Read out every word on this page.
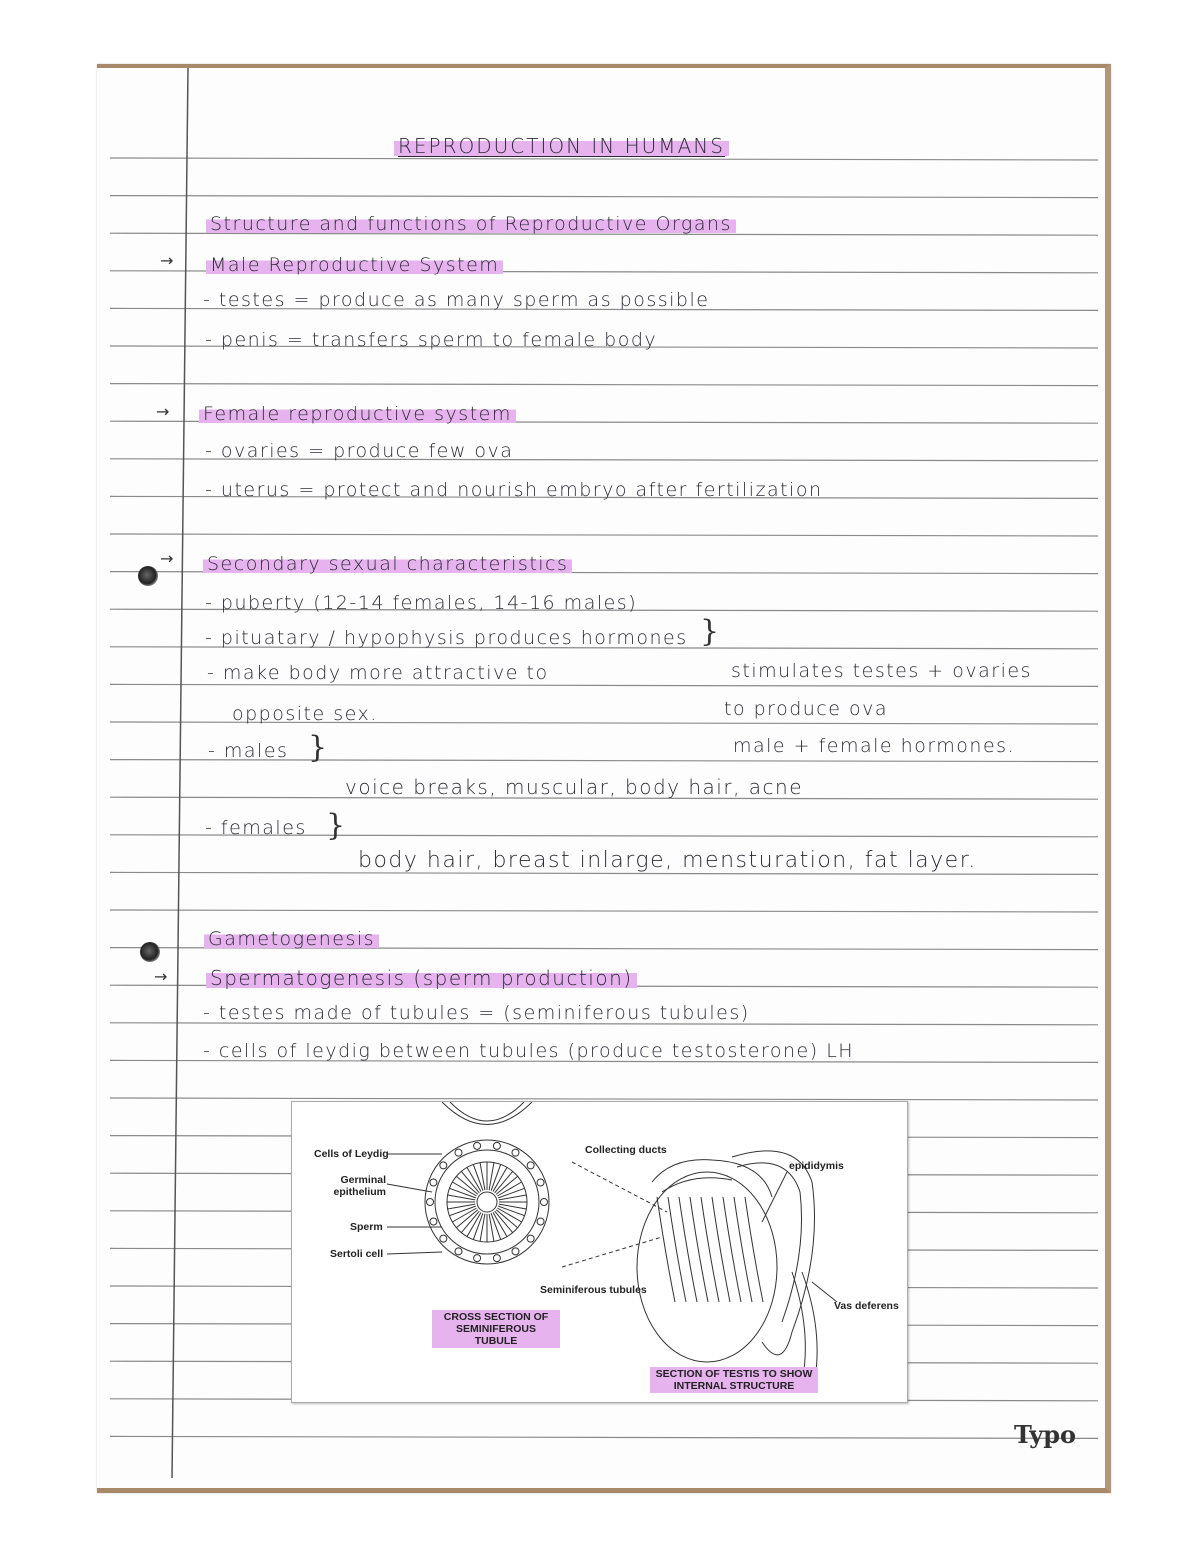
REPRODUCTION IN HUMANS
Structure and functions of Reproductive Organs
→ Male Reproductive System
- testes = produce as many sperm as possible
- penis = transfers sperm to female body
→ Female reproductive system
- ovaries = produce few ova
- uterus = protect and nourish embryo after fertilization
→ Secondary sexual characteristics
- puberty (12-14 females, 14-16 males)
- pituatary / hypophysis produces hormones }
- make body more attractive to	stimulates testes + ovaries
opposite sex.	to produce ova
- males }	male + female hormones.
voice breaks, muscular, body hair, acne
- females }
body hair, breast inlarge, mensturation, fat layer.
Gametogenesis
→ Spermatogenesis (sperm production)
- testes made of tubules = (seminiferous tubules)
- cells of leydig between tubules (produce testosterone) LH
Cells of Leydig
Germinal epithelium
Sperm
Sertoli cell
Collecting ducts
epididymis
Seminiferous tubules
Vas deferens
CROSS SECTION OF SEMINIFEROUS TUBULE
SECTION OF TESTIS TO SHOW INTERNAL STRUCTURE
Typo
